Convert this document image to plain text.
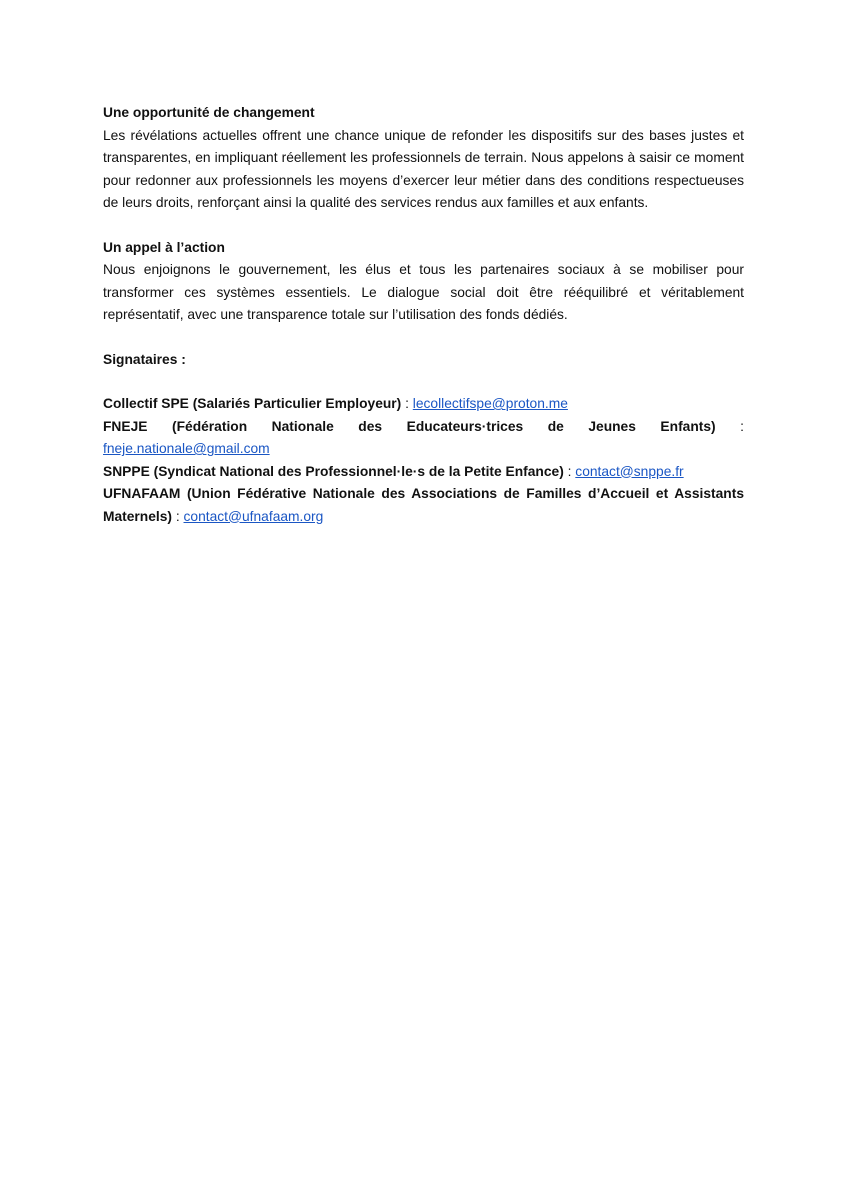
Une opportunité de changement

Les révélations actuelles offrent une chance unique de refonder les dispositifs sur des bases justes et transparentes, en impliquant réellement les professionnels de terrain. Nous appelons à saisir ce moment pour redonner aux professionnels les moyens d’exercer leur métier dans des conditions respectueuses de leurs droits, renforçant ainsi la qualité des services rendus aux familles et aux enfants.

Un appel à l’action

Nous enjoignons le gouvernement, les élus et tous les partenaires sociaux à se mobiliser pour transformer ces systèmes essentiels. Le dialogue social doit être rééquilibré et véritablement représentatif, avec une transparence totale sur l’utilisation des fonds dédiés.

Signataires :

Collectif SPE (Salariés Particulier Employeur) : lecollectifspe@proton.me

FNEJE (Fédération Nationale des Educateurs·trices de Jeunes Enfants) : fneje.nationale@gmail.com

SNPPE (Syndicat National des Professionnel·le·s de la Petite Enfance) : contact@snppe.fr

UFNAFAAM (Union Fédérative Nationale des Associations de Familles d’Accueil et Assistants Maternels) : contact@ufnafaam.org
